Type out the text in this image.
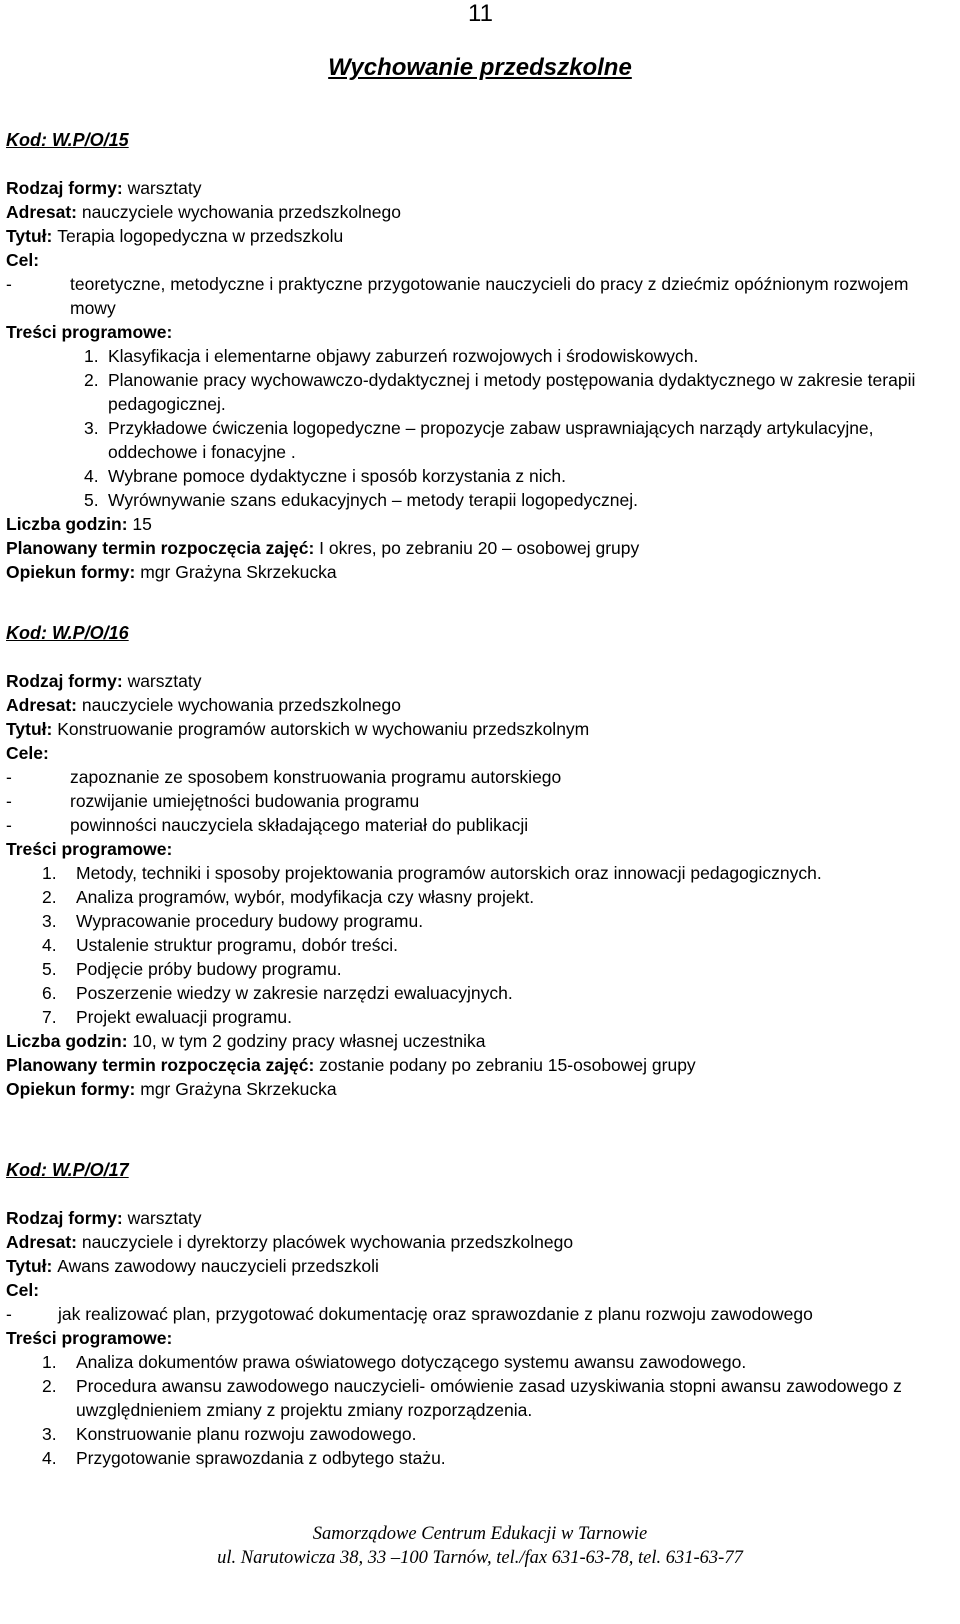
11
Wychowanie przedszkolne
Kod: W.P/O/15
Rodzaj formy: warsztaty
Adresat: nauczyciele wychowania przedszkolnego
Tytuł: Terapia logopedyczna w przedszkolu
Cel:
- teoretyczne, metodyczne i praktyczne przygotowanie nauczycieli do pracy z dziećmiz opóźnionym rozwojem mowy
Treści programowe:
1. Klasyfikacja i elementarne objawy zaburzeń rozwojowych i środowiskowych.
2. Planowanie pracy wychowawczo-dydaktycznej i metody postępowania dydaktycznego w zakresie terapii pedagogicznej.
3. Przykładowe ćwiczenia logopedyczne – propozycje zabaw usprawniających narządy artykulacyjne, oddechowe i fonacyjne .
4. Wybrane pomoce dydaktyczne i sposób korzystania z nich.
5. Wyrównywanie szans edukacyjnych – metody terapii logopedycznej.
Liczba godzin: 15
Planowany termin rozpoczęcia zajęć: I okres, po zebraniu 20 – osobowej grupy
Opiekun formy: mgr Grażyna Skrzekucka
Kod: W.P/O/16
Rodzaj formy: warsztaty
Adresat: nauczyciele wychowania przedszkolnego
Tytuł: Konstruowanie programów autorskich w wychowaniu przedszkolnym
Cele:
- zapoznanie ze sposobem konstruowania programu autorskiego
- rozwijanie umiejętności budowania programu
- powinności nauczyciela składającego materiał do publikacji
Treści programowe:
1. Metody, techniki i sposoby projektowania programów autorskich oraz innowacji pedagogicznych.
2. Analiza programów, wybór, modyfikacja czy własny projekt.
3. Wypracowanie procedury budowy programu.
4. Ustalenie struktur programu, dobór treści.
5. Podjęcie próby budowy programu.
6. Poszerzenie wiedzy w zakresie narzędzi ewaluacyjnych.
7. Projekt ewaluacji programu.
Liczba godzin: 10, w tym 2 godziny pracy własnej uczestnika
Planowany termin rozpoczęcia zajęć: zostanie podany po zebraniu 15-osobowej grupy
Opiekun formy: mgr Grażyna Skrzekucka
Kod: W.P/O/17
Rodzaj formy: warsztaty
Adresat: nauczyciele i dyrektorzy placówek wychowania przedszkolnego
Tytuł: Awans zawodowy nauczycieli przedszkoli
Cel:
- jak realizować plan, przygotować dokumentację oraz sprawozdanie z planu rozwoju zawodowego
Treści programowe:
1. Analiza dokumentów prawa oświatowego dotyczącego systemu awansu zawodowego.
2. Procedura awansu zawodowego nauczycieli- omówienie zasad uzyskiwania stopni awansu zawodowego z uwzględnieniem zmiany z projektu zmiany rozporządzenia.
3. Konstruowanie planu rozwoju zawodowego.
4. Przygotowanie sprawozdania z odbytego stażu.
Samorządowe Centrum Edukacji w Tarnowie
ul. Narutowicza 38, 33 –100 Tarnów, tel./fax 631-63-78, tel. 631-63-77
